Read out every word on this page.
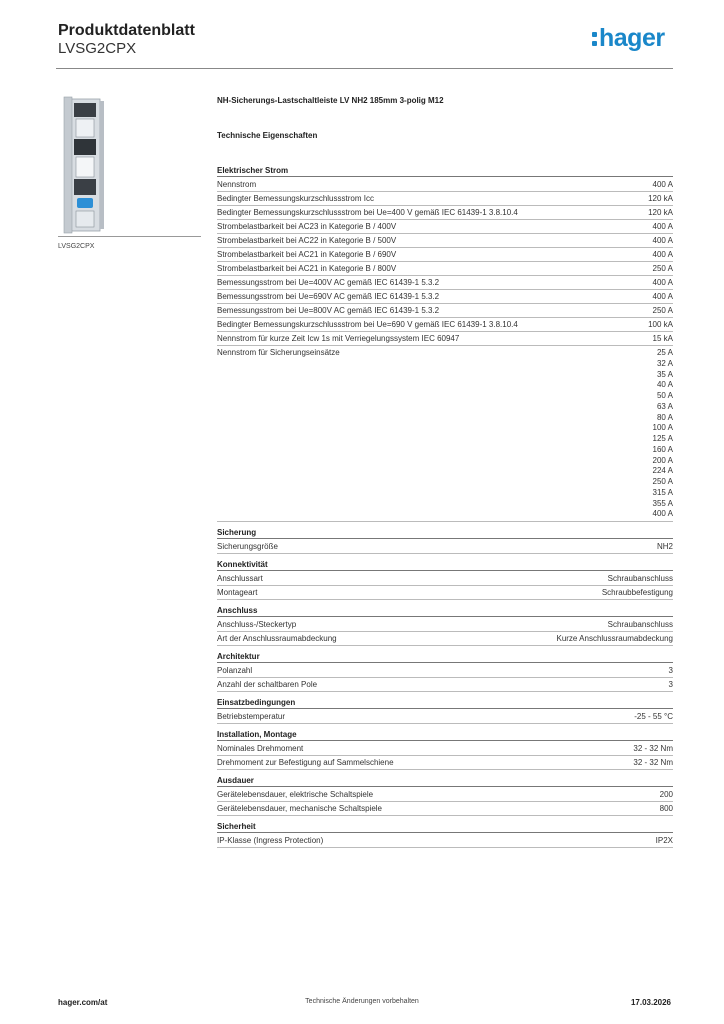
Produktdatenblatt
LVSG2CPX	hager
LVSG2CPX
NH-Sicherungs-Lastschaltleiste LV NH2 185mm 3-polig M12
Technische Eigenschaften
Elektrischer Strom
Nennstrom	400 A
Bedingter Bemessungskurzschlussstrom Icc	120 kA
Bedingter Bemessungskurzschlussstrom bei Ue=400 V gemäß IEC 61439-1 3.8.10.4	120 kA
Strombelastbarkeit bei AC23 in Kategorie B / 400V	400 A
Strombelastbarkeit bei AC22 in Kategorie B / 500V	400 A
Strombelastbarkeit bei AC21 in Kategorie B / 690V	400 A
Strombelastbarkeit bei AC21 in Kategorie B / 800V	250 A
Bemessungsstrom bei Ue=400V AC gemäß IEC 61439-1 5.3.2	400 A
Bemessungsstrom bei Ue=690V AC gemäß IEC 61439-1 5.3.2	400 A
Bemessungsstrom bei Ue=800V AC gemäß IEC 61439-1 5.3.2	250 A
Bedingter Bemessungskurzschlussstrom bei Ue=690 V gemäß IEC 61439-1 3.8.10.4	100 kA
Nennstrom für kurze Zeit Icw 1s mit Verriegelungssystem IEC 60947	15 kA
Nennstrom für Sicherungseinsätze	25 A
32 A
35 A
40 A
50 A
63 A
80 A
100 A
125 A
160 A
200 A
224 A
250 A
315 A
355 A
400 A
Sicherung
Sicherungsgröße	NH2
Konnektivität
Anschlussart	Schraubanschluss
Montageart	Schraubbefestigung
Anschluss
Anschluss-/Steckertyp	Schraubanschluss
Art der Anschlussraumabdeckung	Kurze Anschlussraumabdeckung
Architektur
Polanzahl	3
Anzahl der schaltbaren Pole	3
Einsatzbedingungen
Betriebstemperatur	-25 - 55 °C
Installation, Montage
Nominales Drehmoment	32 - 32 Nm
Drehmoment zur Befestigung auf Sammelschiene	32 - 32 Nm
Ausdauer
Gerätelebensdauer, elektrische Schaltspiele	200
Gerätelebensdauer, mechanische Schaltspiele	800
Sicherheit
IP-Klasse (Ingress Protection)	IP2X
hager.com/at	Technische Änderungen vorbehalten	17.03.2026
